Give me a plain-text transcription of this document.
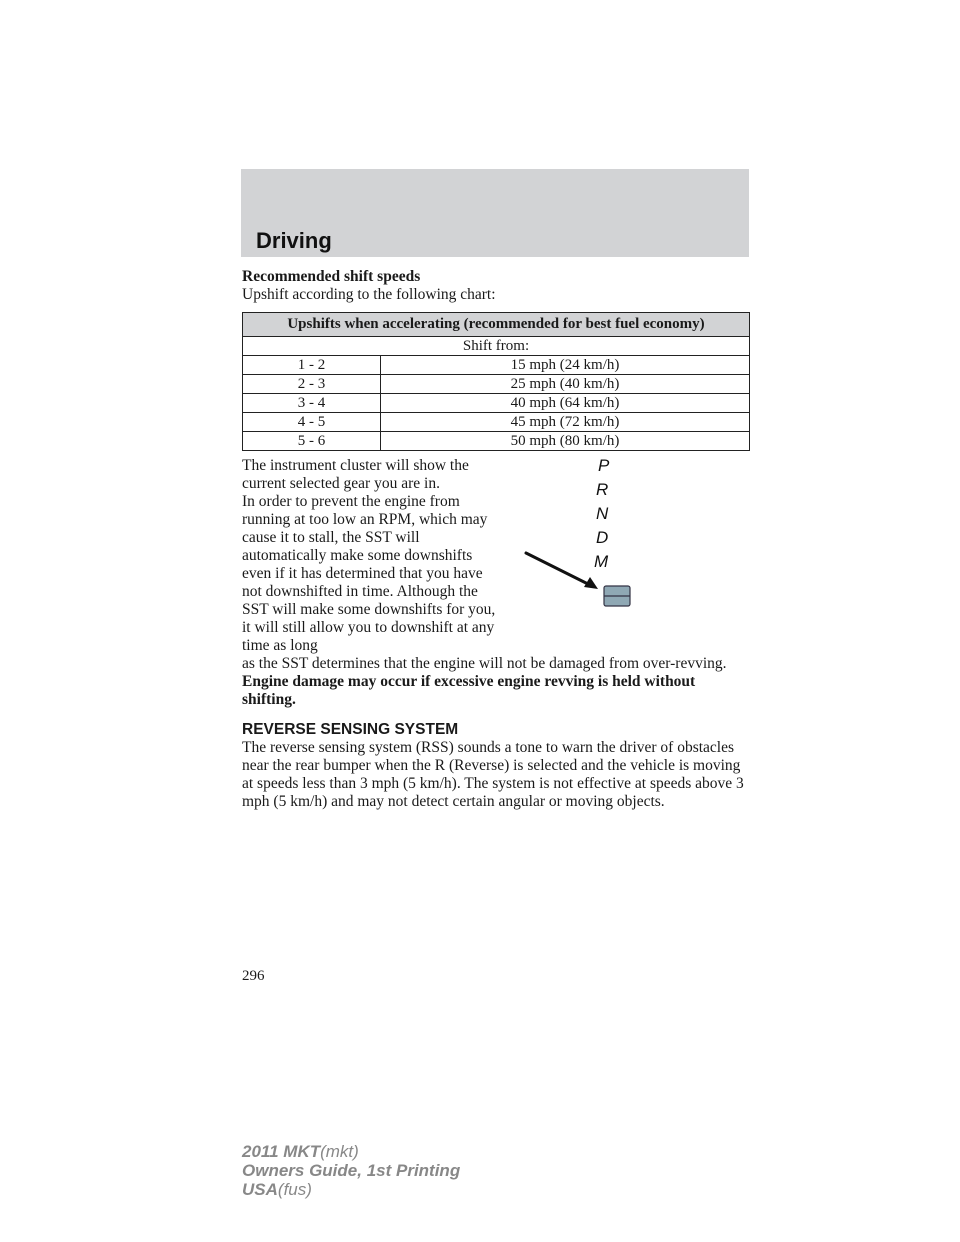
Driving

Recommended shift speeds

Upshift according to the following chart:

Upshifts when accelerating (recommended for best fuel economy)	
Shift from:	
1 - 2	15 mph (24 km/h)
2 - 3	25 mph (40 km/h)
3 - 4	40 mph (64 km/h)
4 - 5	45 mph (72 km/h)
5 - 6	50 mph (80 km/h)

The instrument cluster will show the current selected gear you are in.

In order to prevent the engine from running at too low an RPM, which may cause it to stall, the SST will automatically make some downshifts even if it has determined that you have not downshifted in time. Although the SST will make some downshifts for you, it will still allow you to downshift at any time as long

P
R
N
D
M

as the SST determines that the engine will not be damaged from over-revving.

Engine damage may occur if excessive engine revving is held without shifting.

REVERSE SENSING SYSTEM

The reverse sensing system (RSS) sounds a tone to warn the driver of obstacles near the rear bumper when the R (Reverse) is selected and the vehicle is moving at speeds less than 3 mph (5 km/h). The system is not effective at speeds above 3 mph (5 km/h) and may not detect certain angular or moving objects.

296
2011 MKT(mkt)
Owners Guide, 1st Printing
USA(fus)
